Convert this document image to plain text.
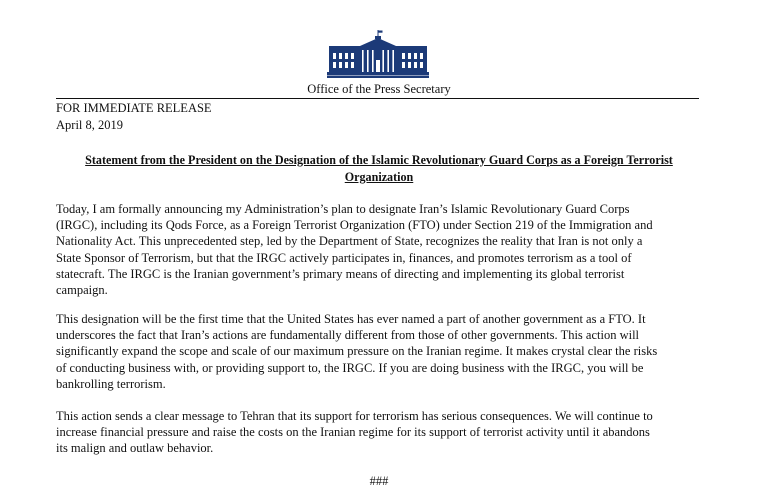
Office of the Press Secretary
FOR IMMEDIATE RELEASE
April 8, 2019
Statement from the President on the Designation of the Islamic Revolutionary Guard Corps as a Foreign Terrorist
Organization

Today, I am formally announcing my Administration’s plan to designate Iran’s Islamic Revolutionary Guard Corps
(IRGC), including its Qods Force, as a Foreign Terrorist Organization (FTO) under Section 219 of the Immigration and
Nationality Act. This unprecedented step, led by the Department of State, recognizes the reality that Iran is not only a
State Sponsor of Terrorism, but that the IRGC actively participates in, finances, and promotes terrorism as a tool of
statecraft. The IRGC is the Iranian government’s primary means of directing and implementing its global terrorist
campaign.

This designation will be the first time that the United States has ever named a part of another government as a FTO. It
underscores the fact that Iran’s actions are fundamentally different from those of other governments. This action will
significantly expand the scope and scale of our maximum pressure on the Iranian regime. It makes crystal clear the risks
of conducting business with, or providing support to, the IRGC. If you are doing business with the IRGC, you will be
bankrolling terrorism.

This action sends a clear message to Tehran that its support for terrorism has serious consequences. We will continue to
increase financial pressure and raise the costs on the Iranian regime for its support of terrorist activity until it abandons
its malign and outlaw behavior.

###
